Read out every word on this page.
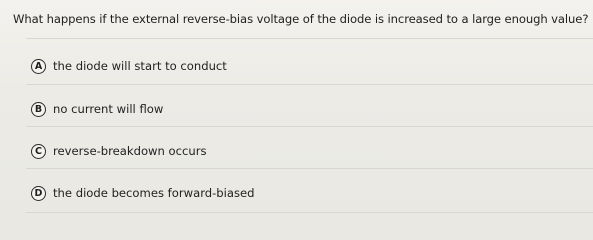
What happens if the external reverse-bias voltage of the diode is increased to a large enough value?
A the diode will start to conduct
B no current will flow
C reverse-breakdown occurs
D the diode becomes forward-biased
